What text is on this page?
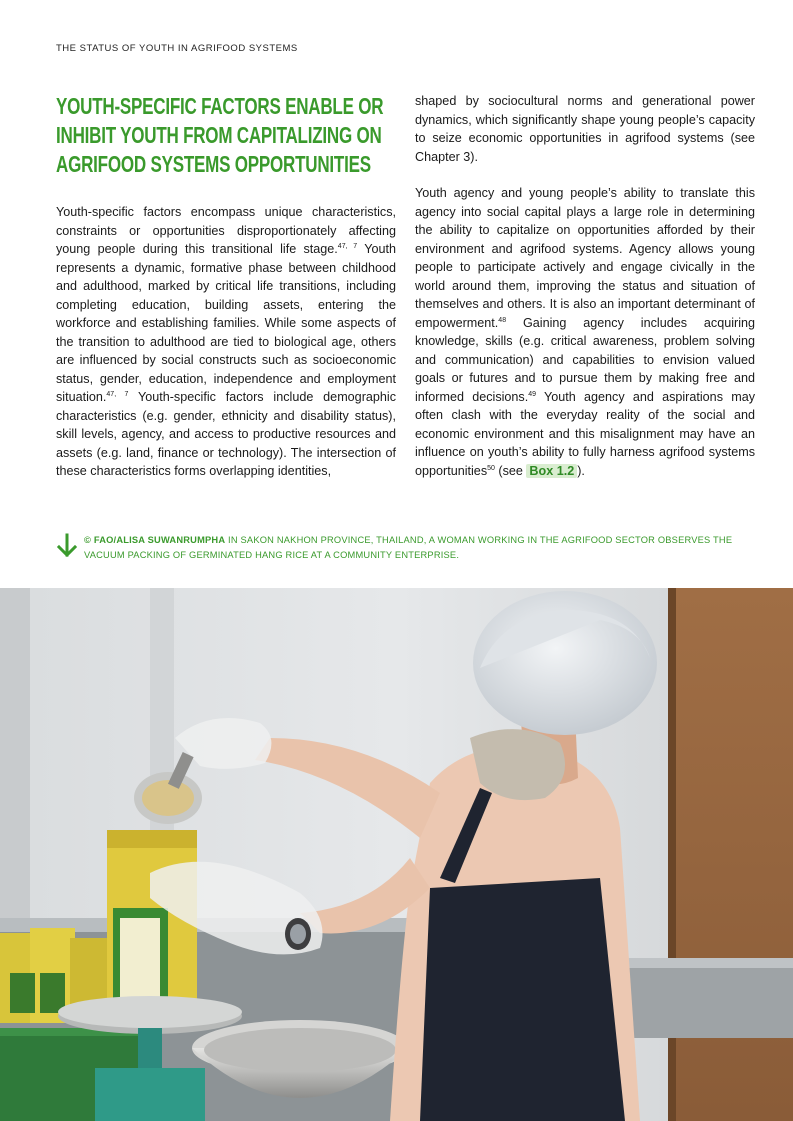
THE STATUS OF YOUTH IN AGRIFOOD SYSTEMS
YOUTH-SPECIFIC FACTORS ENABLE OR INHIBIT YOUTH FROM CAPITALIZING ON AGRIFOOD SYSTEMS OPPORTUNITIES

Youth-specific factors encompass unique characteristics, constraints or opportunities disproportionately affecting young people during this transitional life stage.$^{47, 7}$ Youth represents a dynamic, formative phase between childhood and adulthood, marked by critical life transitions, including completing education, building assets, entering the workforce and establishing families. While some aspects of the transition to adulthood are tied to biological age, others are influenced by social constructs such as socioeconomic status, gender, education, independence and employment situation.$^{47, 7}$ Youth-specific factors include demographic characteristics (e.g. gender, ethnicity and disability status), skill levels, agency, and access to productive resources and assets (e.g. land, finance or technology). The intersection of these characteristics forms overlapping identities,

shaped by sociocultural norms and generational power dynamics, which significantly shape young people’s capacity to seize economic opportunities in agrifood systems (see Chapter 3).

Youth agency and young people’s ability to translate this agency into social capital plays a large role in determining the ability to capitalize on opportunities afforded by their environment and agrifood systems. Agency allows young people to participate actively and engage civically in the world around them, improving the status and situation of themselves and others. It is also an important determinant of empowerment.$^{48}$ Gaining agency includes acquiring knowledge, skills (e.g. critical awareness, problem solving and communication) and capabilities to envision valued goals or futures and to pursue them by making free and informed decisions.$^{49}$ Youth agency and aspirations may often clash with the everyday reality of the social and economic environment and this misalignment may have an influence on youth’s ability to fully harness agrifood systems opportunities$^{50}$ (see Box 1.2 ).

© FAO/ALISA SUWANRUMPHA IN SAKON NAKHON PROVINCE, THAILAND, A WOMAN WORKING IN THE AGRIFOOD SECTOR OBSERVES THE VACUUM PACKING OF GERMINATED HANG RICE AT A COMMUNITY ENTERPRISE.
